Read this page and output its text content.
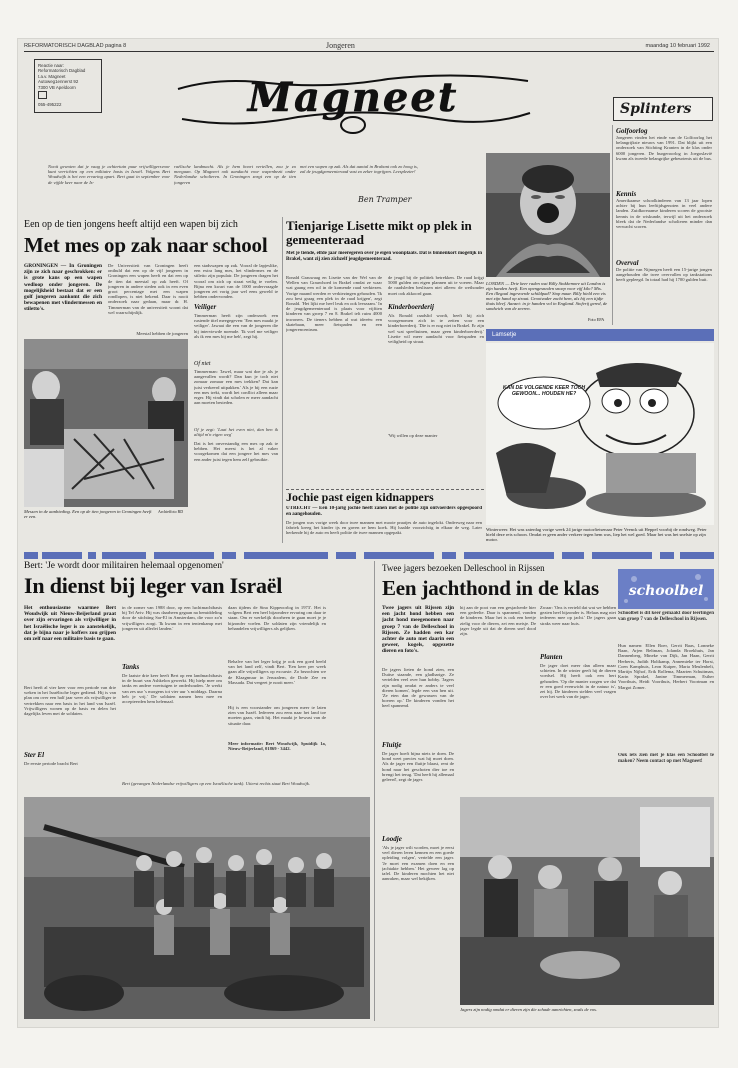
REFORMATORISCH DAGBLAD pagina 8	Jongeren	maandag 10 februari 1992
Reactie naar:
Reformatorisch Dagblad
t.a.v. Magneet
Autoweg1ennerst 92
7300 VB Apeldoorn
055-495222	Magneet	Splinters
Nooit gewoten dat je vaag je achtertuin puur vrijwilligersvoor kunt verrichten op een militaire basis in Israël. Volgens Bert Woudwijk is het een ervaring apart. Bert gaat in september voor de vijfde keer naar de Is-
raëlische landmacht. Als je hem hoort vertellen, zou je zo meegaan. Op Magneet ook aandacht voor wapenbezit onder Nederlandse scholieren. In Groningen zorgt een op de tien jongeren
met een wapen op zak. Als dat aantal in Brabant ook zo hoog is, zal de jeugdgemeenteraad vast zo zeker ingrijpen. Leesplezier!
Ben Tramper
LONDEN — Drie keer raden wat Billy Stokkemore uit London is zijn handen heeft. Een opengesneden snoep voor vijf kilo? Mis. Een illegaal ingevoerde schildpad? Stop maar. Billy hield een vis met zijn hand op straat. Grootvader zocht hem, als hij een tijdje thuis bleef. Aanzet: in je handen vol in England. Stofvrij gered, de sandwich van de zeeren.
Foto EPA
Golfoorlog
Jongeren vinden het einde van de Golfoorlog het belangrijkste nieuws van 1991. Dat blijkt uit een onderzoek van Stichting Kranten in de klas onder 6000 jongeren. De burgeroorlog in Joegoslavië kwam als tweede belangrijke gebeurtenis uit de bus.
Kennis
Amerikaanse schoolkinderen van 13 jaar lopen achter bij hun leeftijdsgenoten in veel andere landen. Zuidkoreaanse kinderen scoren de grootste kennis in de wiskunde, terwijl uit het onderzoek bleek dat de Nederlandse scholieren minder dan verwacht scoren.
Overval
De politie van Nijmegen heeft een 15-jarige jongen aangehouden die twee overvallen op tankstations heeft gepleegd. In totaal had hij 1700 gulden buit.
Een op de tien jongens heeft altijd een wapen bij zich
Met mes op zak naar school
GRONINGEN — In Groningen zijn ze zich naar geschrokken: er is grote kans op een wapen wedloop onder jongeren. De mogelijkheid bestaat dat er een golf jongeren aankomt die zich bewapenen met vlindermessen en stiletto's.
De Universiteit van Groningen heeft onthuld dat een op de vijf jongeren in Groningen een wapen heeft en dat een op de tien dat meestal op zak heeft. Of jongeren in andere steden ook in een even groot percentage met een wapen rondlopen, is niet bekend. Daar is nooit onderzoek naar gedaan, maar dr. H. Timmerman van de universiteit woont dat wel waarschijnlijk.
Meestal hebben de jongeren
een stadswapen op zak. Vooral de lapjeslike, een extra lang mes, het vlindermes en de stiletto zijn populair. De jongeren dragen het vooral om zich op straat veilig te voelen. Bijna een kwart van de 1000 ondervraagde jongeren zei vorig jaar wel eens geweld te hebben ondervonden.
Veiliger
Timmerman heeft zijn onderzoek een rustende titel meegegeven: 'Een mes maakt je veiliger'. Jawaai die een van de jongeren die hij interviewde noemde. 'Ik voel me veiliger als ik een mes bij me heb', zegt hij.
Of niet
Timmerman: 'Jawel, maar wat doe je als je aangevallen wordt? Dan kun je toch niet zomaar zomaar een mes trekken? Dat kan juist verkeerd uitpakken.' Als je bij een ruzie een mes trekt, wordt het conflict alleen maar erger. Hij vindt dat scholen er meer aandacht aan moeten besteden.
Of je zegt: 'Laat het even niet, dan ben ik altijd m'n eigen weg'
Dat is het onverstandig een mes op zak te hebben. Het meest is het al vaker voorgekomen dat een jongere het mes van een ander juist tegen hem zelf gebruikte.
Messen in de aanbieding. Een op de tien jongeren in Groningen heeft er een.
Archieffoto RD
Tienjarige Lisette mikt op plek in gemeenteraad
Met je tiende, elfde jaar meeregeren over je eigen woonplaats. Dat is binnenkort mogelijk in Brakel, want zij zien zichzelf jeugdgemeenteraad.
Ronald Grauwaag en Lisette van der Wel van de Wellen van Grauwhoed in Brakel omdat ze waar wat gaang een rol in de komende raad verkiezen. Vorige maand werden er verkiezingen gehouden. 'Ik zou best graag een plek in de raad krijgen', zegt Ronald. 'Het lijkt me heel leuk en ook leerzaam.' In de jeugdgemeenteraad is plaats voor vijftien kinderen van groep 7 en 8. Brakel telt ruim 4000 inwoners. De tieners hebben al wat ideeën: een skatebaan, meer fietspaden en een jongerencentrum.
de jeugd bij de politiek betrekken. De raad krijgt 5000 gulden om eigen plannen uit te voeren. Maar de raadsleden beslissen niet alleen: de wethouder moet ook akkoord gaan.
Kinderboerderij
Als Ronald raadslid wordt, heeft hij zich voorgenomen zich in te zetten voor een kinderboerderij. 'Die is er nog niet in Brakel. Er zijn wel wat speeltuinen, maar geen kinderboerderij.' Lisette wil meer aandacht voor fietspaden en veiligheid op straat.
'Wij willen op deze manier
Jochie past eigen kidnappers
UTRECHT — Een 10-jarig jochie heeft zanen met de politie zijn ontvoerders opgespoord en aangehouden.
De jongen was vorige week door twee mannen met mooie praatjes de auto ingelokt. Onderweg naar een fabriek kreeg het kinder ijs en gaven ze hem koek. Hij haalde voorzichtig in elkaar de weg. Later herkende hij de auto en heeft politie de twee mannen opgepakt.
Lamsetje
KAN DE VOLGENDE KEER TOCH GEWOON... HOUDEN HE?
Winterweer. Het was zaterdag vorige week 24 jarige motorfietsenaar Peter Veenck uit Heppel voorbij de rondweg. Peter hield deze reis schoon. Omdat er geen ander verkeer tegen hem was, liep het wel goed. Maar het was het snelste op zijn motor.
Bert: 'Je wordt door militairen helemaal opgenomen'
In dienst bij leger van Israël
Het enthousiasme waarmee Bert Woudwijk uit Nieuw-Beijerland praat over zijn ervaringen als vrijwilliger in het Israëlische leger is zo aanstekelijk, dat je bijna naar je koffers zou grijpen om zelf naar een militaire basis te gaan.
Bert heeft al vier keer voor een periode van drie weken in het Israëlische leger gediend. Hij is van plan om over een half jaar weer als vrijwilliger te vertrekken naar een basis in het land van Israël. Vrijwilligers wonen op de basis en delen het dagelijks leven met de soldaten.
Ster El
De eerste periode bracht Bert
in de zomer van 1988 door, op een luchtmachtbasis bij Tel Aviv. Hij was daarheen gegaan na bemiddeling door de stichting Sar-El in Amsterdam, die voor zo'n vrijwilligers zorgt. 'Ik kwam in een tentenkamp met jongeren uit allerlei landen.'
Tanks
De laatste drie keer heeft Bert op een landmachtbasis in de buurt van Ashkelon gewerkt. Hij hielp mee om tanks en andere voertuigen te onderhouden. 'Je werkt van zes uur 's morgens tot vier uur 's middags. Daarna heb je vrij.' De soldaten namen hem mee en accepteerden hem helemaal.
daan tijdens de Sina Kippeoorlog in 1973'. Het is volgens Bert een heel bijzondere ervaring om daar te staan. Om er werkelijk doorheen te gaan moet je je bijzonder voelen. De soldaten zijn vriendelijk en behandelen vrijwilligers als gelijken.
Behalve van het leger krijg je ook een goed beeld van het land zelf, vindt Bert. 'Een keer per week gaan alle vrijwilligers op excursie. Zo bezochten we de Klaagmuur in Jeruzalem, de Dode Zee en Massada. Dat vergeet je nooit meer.'
Hij is een voorstander om jongeren meer te laten zien van Israël. Iedereen zou eens naar het land toe moeten gaan, vindt hij. Het maakt je bewust van de situatie daar.
Meer informatie: Bert Woudwijk, Spuidijk 1a, Nieuw-Beijerland, 01869 - 3442.
Bert (gevangen Nederlandse vrijwilligers op een Israëlische tank). Uiterst rechts staat Bert Woudwijk.
Twee jagers bezoeken Delleschool in Rijssen
Een jachthond in de klas	schoolbel
Schoolbel is dit keer gemaakt door leerlingen van groep 7 van de Delleschool in Rijssen.
Hun namen: Ellen Boer, Gerrit Baas, Lonneke Baan, Arjen Beltman, Jolanda Broekhuis, Jan Dannenberg, Mineke van Dijk, Jan Haan, Gerrit Herberts, Judith Holtkamp, Annemieke ter Horst, Coen Kamphuis, Leon Kuiper, Maria Meulenbelt, Martijn Nijhof, Erik Rollema, Maarten Schuitman, Karin Sprakel, Janine Timmerman, Esther Voorthuis, Heidi Voorthuis, Herbert Voortman en Margot Zomer.
Ook iets zien met je klas een Schoolbel te maken? Neem contact op met Magneet!
Twee jagers uit Rijssen zijn een jacht hond hebben een jacht hond meegenomen naar groep 7 van de Delleschool in Rijssen. Ze hadden een kar achter de auto met daarin een geweer, kogels, opgezette dieren en foto's.
De jagers lieten de hond zien, een Duitse staande, een gladharige. Ze vertelden veel over hun hobby. 'Jagers zijn nodig omdat er anders te veel dieren komen', legde een van hen uit. 'Ze eten dan de gewassen van de boeren op.' De kinderen vonden het heel spannend.
Fluitje
De jager hoeft bijna niets te doen. De hond weet precies wat hij moet doen. Als de jager een fluitje blaast, rent de hond naar het geschoten dier toe en brengt het terug. 'Dat heeft hij allemaal geleerd', zegt de jager.
Loodje
'Als je jager wilt worden, moet je eerst veel dieren leren kennen en een goede opleiding volgen', vertelde een jager. 'Je moet een examen doen en een jachtakte hebben.' Het geweer lag op tafel. De kinderen mochten het niet aanraken, maar wel bekijken.
hij aan de poot van een gesjacherde hier een gedeelte. Daar is spannend, vonden de kinderen. Maar het is ook een beetje zielig voor de dieren, zei een meisje. De jager legde uit dat de dieren snel dood zijn.
Zwaar: 'Ons is verteld dat wat we hebben gezien heel bijzonder is. Helaas mag niet iedereen mee op jacht.' De jagers gaan straks weer naar huis.
Planten
De jager doet meer dan alleen maar schieten. In de winter geeft hij de dieren voedsel. Hij heeft ook een hert gehouden. 'Op die manier zorgen we dat er een goed evenwicht in de natuur is', zei hij. De kinderen stelden veel vragen over het werk van de jager.
Jagers zijn nodig omdat er dieren zijn die schade aanrichten, zoals de vos.
